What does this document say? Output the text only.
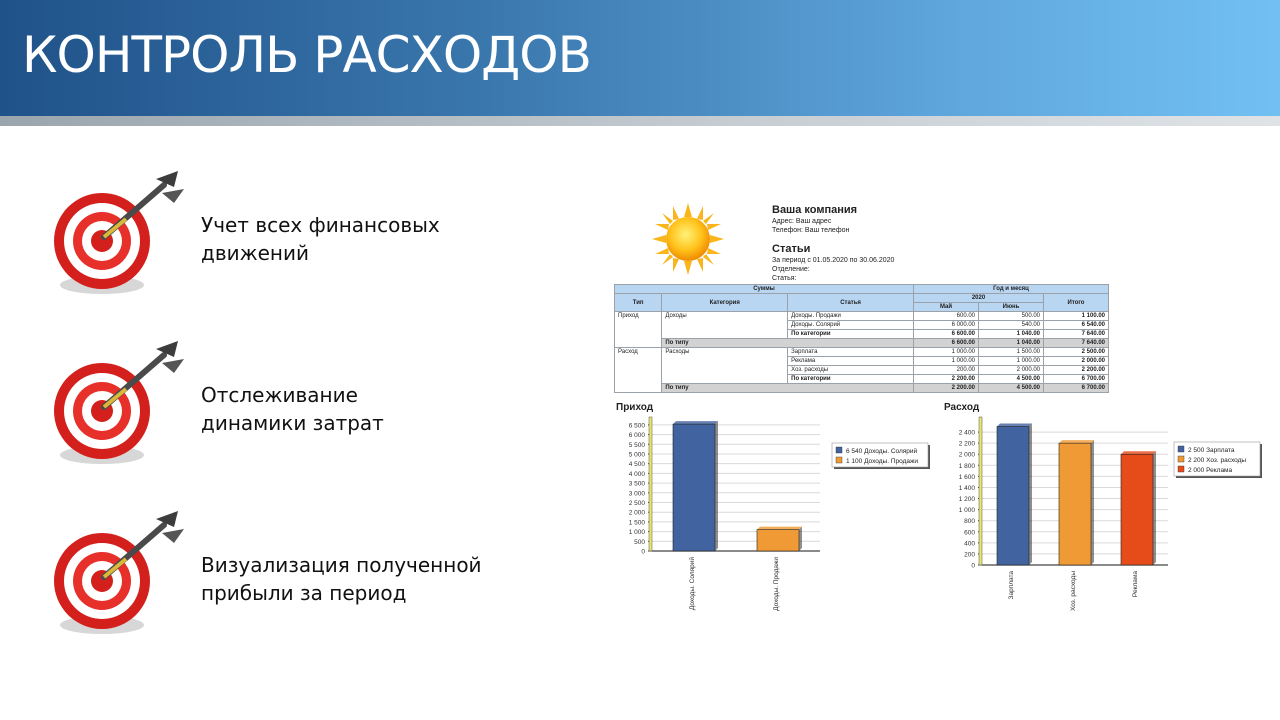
КОНТРОЛЬ РАСХОДОВ
Учет всех финансовых
движений
Отслеживание
динамики затрат
Визуализация полученной
прибыли за период
Ваша компания
Адрес: Ваш адрес
Телефон: Ваш телефон
Статьи
За период с 01.05.2020 по 30.06.2020
Отделение:
Статья:
Суммы			Год и месяц		
Тип	Категория	Статья	2020		Итого
			Май	Июнь	
Приход	Доходы	Доходы. Продажи	600.00	500.00	1 100.00
		Доходы. Солярий	6 000.00	540.00	6 540.00
		По категории	6 600.00	1 040.00	7 640.00
	По типу		6 600.00	1 040.00	7 640.00
Расход	Расходы	Зарплата	1 000.00	1 500.00	2 500.00
		Реклама	1 000.00	1 000.00	2 000.00
		Хоз. расходы	200.00	2 000.00	2 200.00
		По категории	2 200.00	4 500.00	6 700.00
	По типу		2 200.00	4 500.00	6 700.00
Приход	Расход
0
500
1 000
1 500
2 000
2 500
3 000
3 500
4 000
4 500
5 000
5 500
6 000
6 500
Доходы. Солярий	Доходы. Продажи
6 540 Доходы. Солярий
1 100 Доходы. Продажи
0
200
400
600
800
1 000
1 200
1 400
1 600
1 800
2 000
2 200
2 400
Зарплата	Хоз. расходы	Реклама
2 500 Зарплата
2 200 Хоз. расходы
2 000 Реклама
